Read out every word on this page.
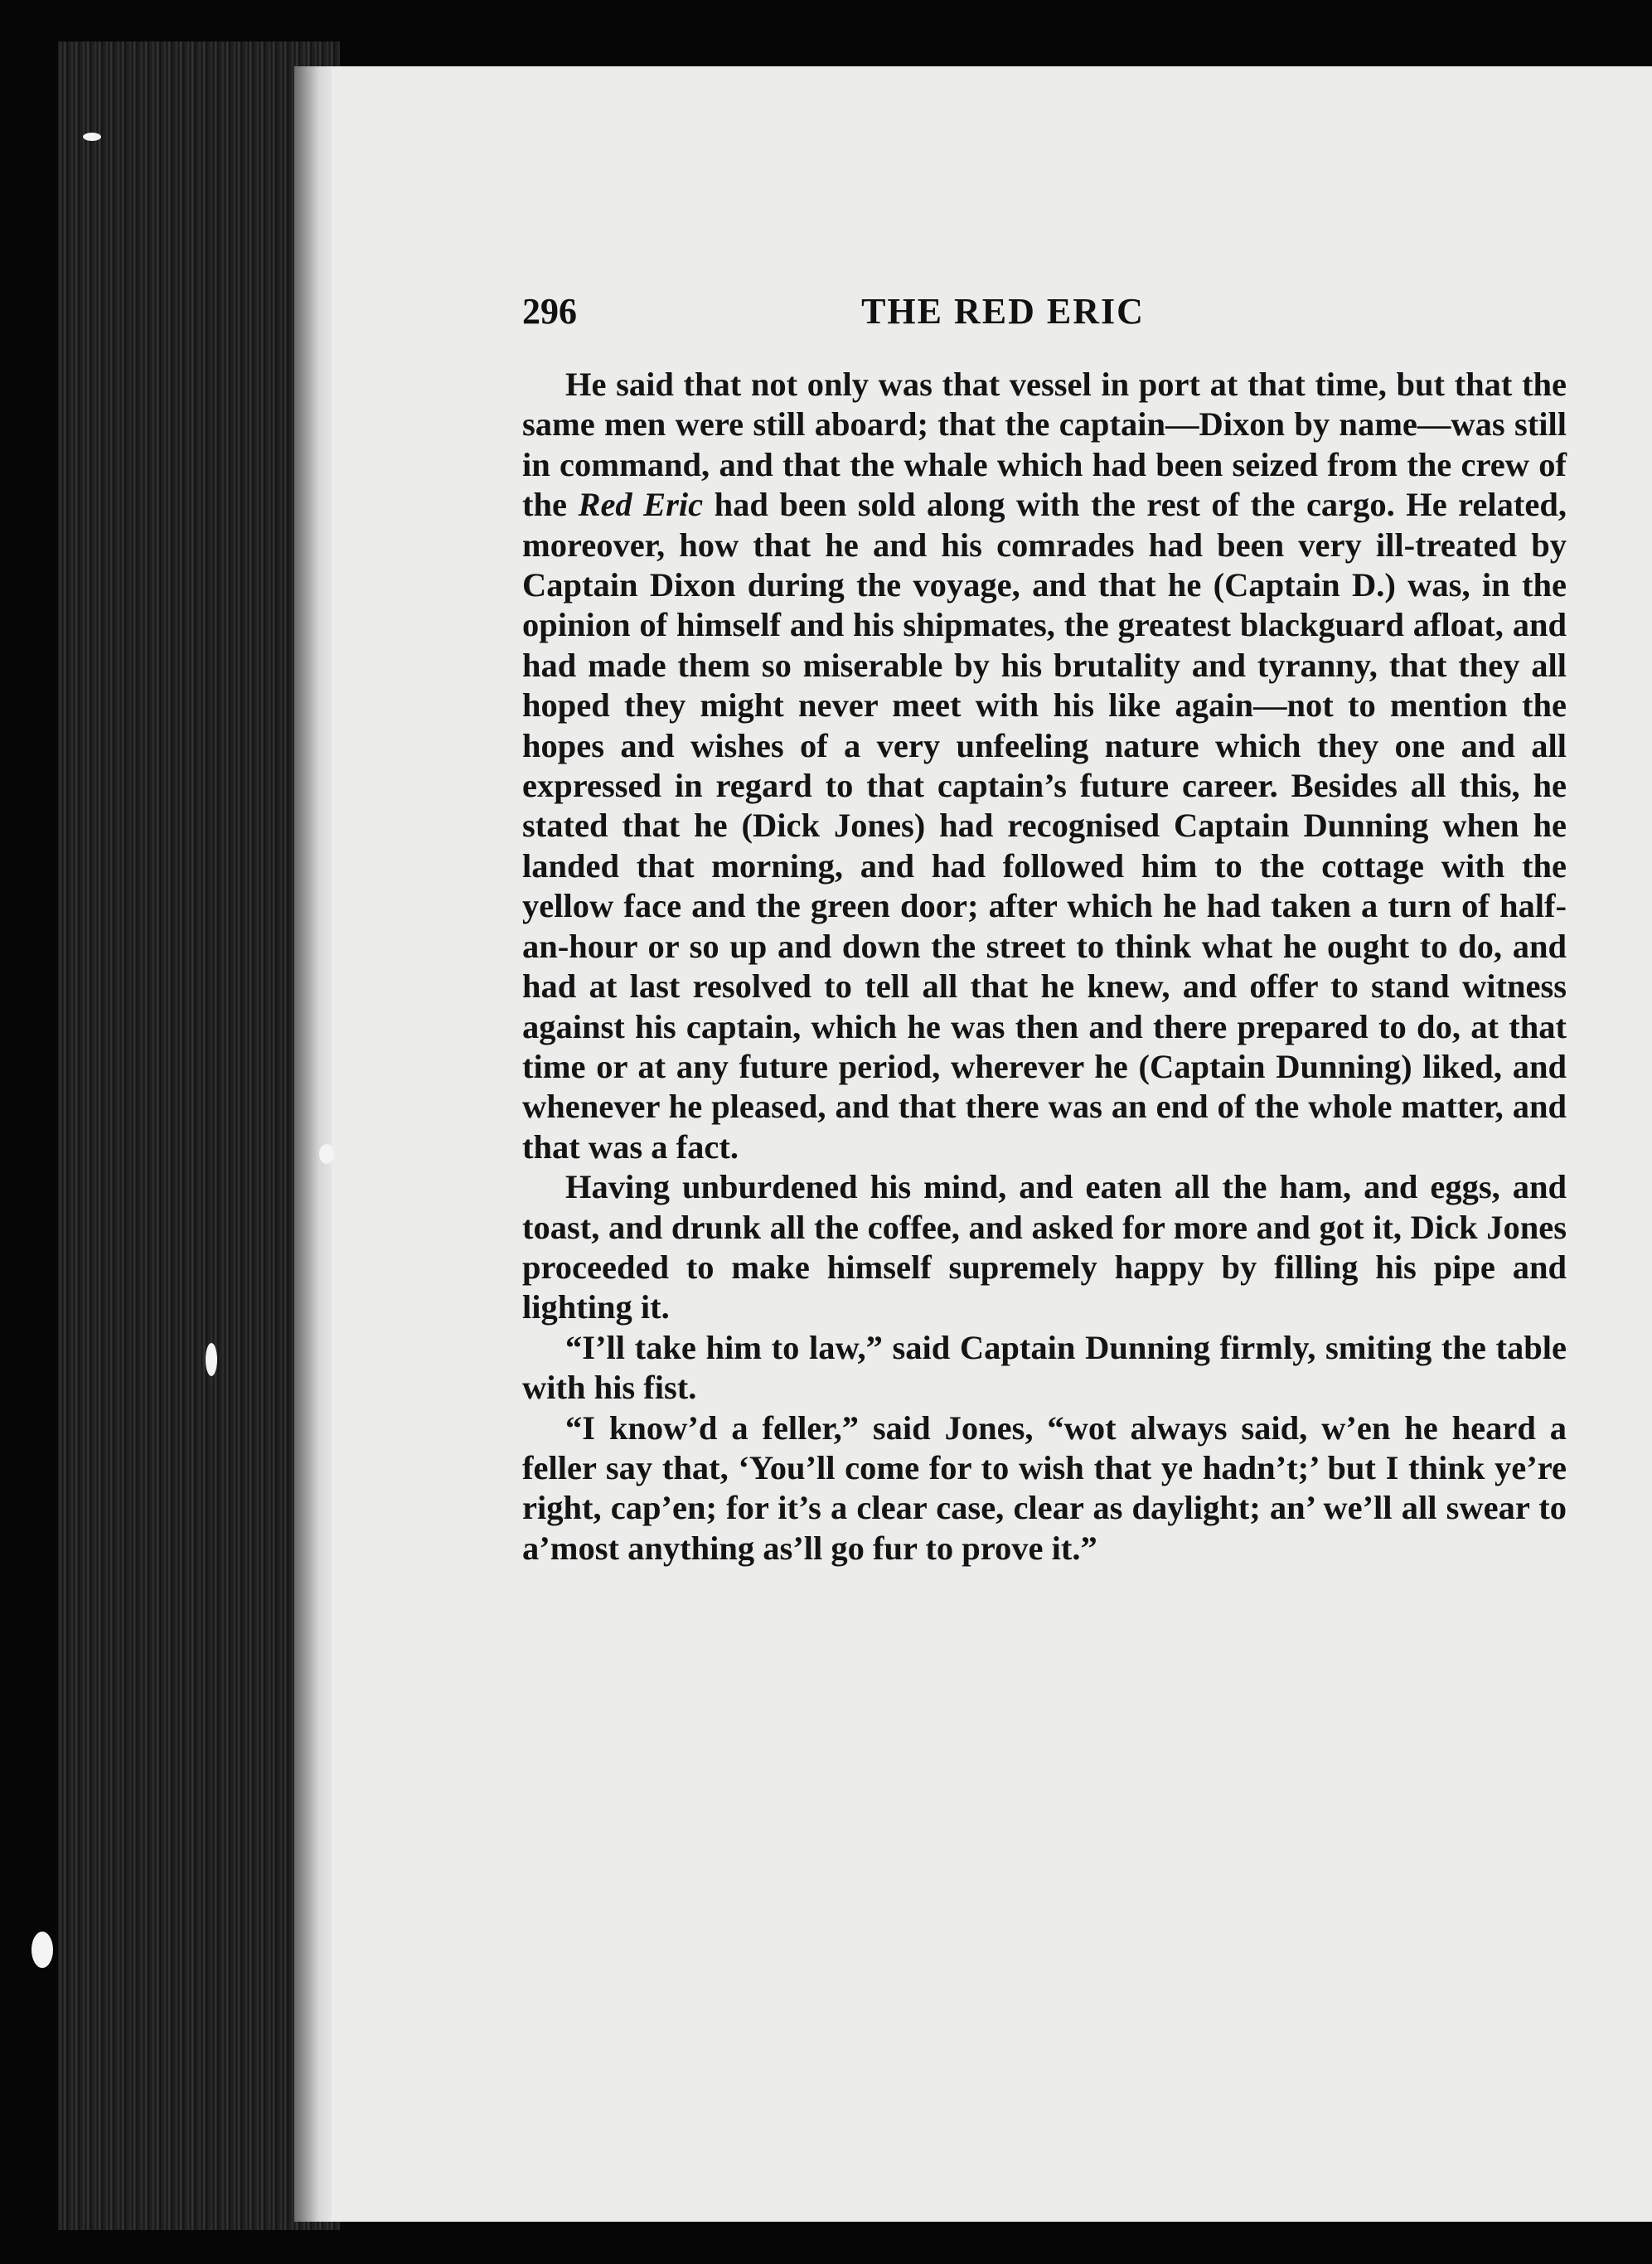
296	THE RED ERIC

He said that not only was that vessel in port at that time, but that the same men were still aboard; that the captain—Dixon by name—was still in command, and that the whale which had been seized from the crew of the Red Eric had been sold along with the rest of the cargo. He related, moreover, how that he and his comrades had been very ill-treated by Captain Dixon during the voyage, and that he (Captain D.) was, in the opinion of himself and his shipmates, the greatest blackguard afloat, and had made them so miserable by his brutality and tyranny, that they all hoped they might never meet with his like again—not to mention the hopes and wishes of a very unfeeling nature which they one and all expressed in regard to that captain’s future career. Besides all this, he stated that he (Dick Jones) had recognised Captain Dunning when he landed that morning, and had followed him to the cottage with the yellow face and the green door; after which he had taken a turn of half-an-hour or so up and down the street to think what he ought to do, and had at last resolved to tell all that he knew, and offer to stand witness against his captain, which he was then and there prepared to do, at that time or at any future period, wherever he (Captain Dunning) liked, and whenever he pleased, and that there was an end of the whole matter, and that was a fact.

Having unburdened his mind, and eaten all the ham, and eggs, and toast, and drunk all the coffee, and asked for more and got it, Dick Jones proceeded to make himself supremely happy by filling his pipe and lighting it.

“I’ll take him to law,” said Captain Dunning firmly, smiting the table with his fist.

“I know’d a feller,” said Jones, “wot always said, w’en he heard a feller say that, ‘You’ll come for to wish that ye hadn’t;’ but I think ye’re right, cap’en; for it’s a clear case, clear as daylight; an’ we’ll all swear to a’most anything as’ll go fur to prove it.”
